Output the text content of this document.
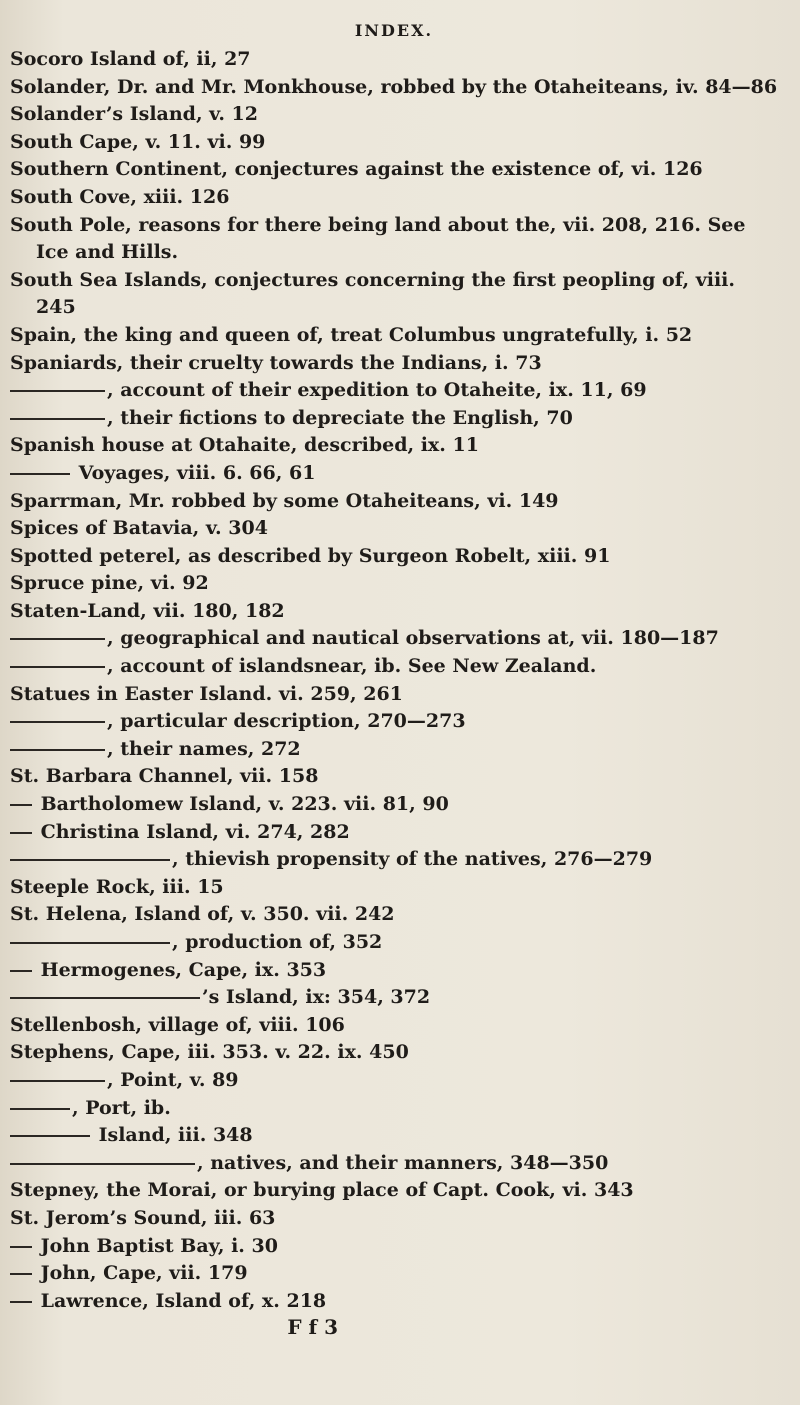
INDEX.
Socoro Island of, ii, 27
Solander, Dr. and Mr. Monkhouse, robbed by the Otaheiteans, iv. 84—86
Solander’s Island, v. 12
South Cape, v. 11. vi. 99
Southern Continent, conjectures against the existence of, vi. 126
South Cove, xiii. 126
South Pole, reasons for there being land about the, vii. 208, 216. See Ice and Hills.
South Sea Islands, conjectures concerning the first peopling of, viii. 245
Spain, the king and queen of, treat Columbus ungratefully, i. 52
Spaniards, their cruelty towards the Indians, i. 73
, account of their expedition to Otaheite, ix. 11, 69
, their fictions to depreciate the English, 70
Spanish house at Otahaite, described, ix. 11
Voyages, viii. 6. 66, 61
Sparrman, Mr. robbed by some Otaheiteans, vi. 149
Spices of Batavia, v. 304
Spotted peterel, as described by Surgeon Robelt, xiii. 91
Spruce pine, vi. 92
Staten-Land, vii. 180, 182
, geographical and nautical observations at, vii. 180—187
, account of islandsnear, ib. See New Zealand.
Statues in Easter Island. vi. 259, 261
, particular description, 270—273
, their names, 272
St. Barbara Channel, vii. 158
Bartholomew Island, v. 223. vii. 81, 90
Christina Island, vi. 274, 282
, thievish propensity of the natives, 276—279
Steeple Rock, iii. 15
St. Helena, Island of, v. 350. vii. 242
, production of, 352
Hermogenes, Cape, ix. 353
’s Island, ix: 354, 372
Stellenbosh, village of, viii. 106
Stephens, Cape, iii. 353. v. 22. ix. 450
, Point, v. 89
, Port, ib.
Island, iii. 348
, natives, and their manners, 348—350
Stepney, the Morai, or burying place of Capt. Cook, vi. 343
St. Jerom’s Sound, iii. 63
John Baptist Bay, i. 30
John, Cape, vii. 179
Lawrence, Island of, x. 218
F f 3
